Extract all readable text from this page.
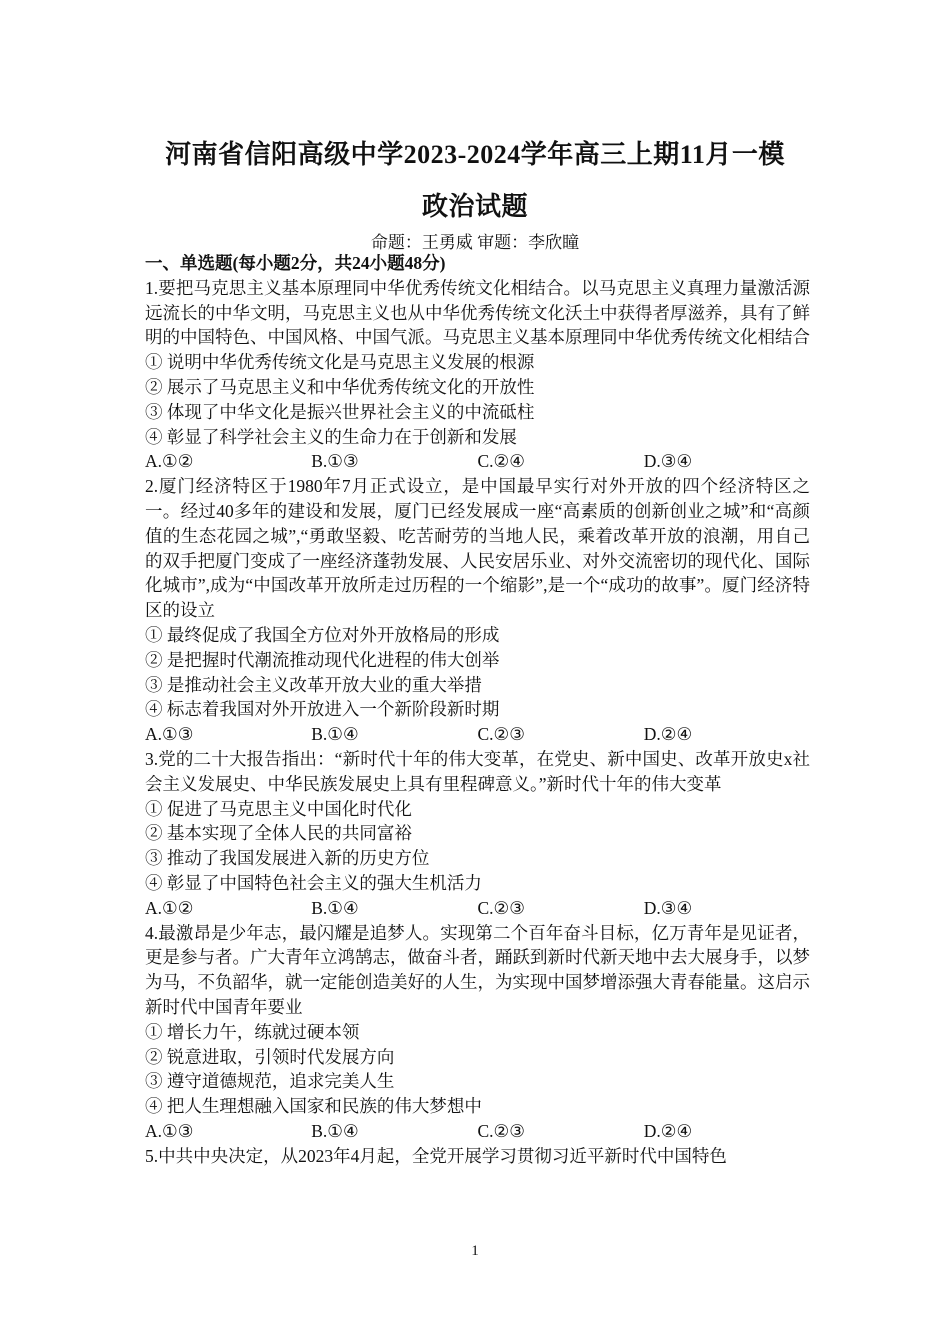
河南省信阳高级中学2023-2024学年高三上期11月一模
政治试题
命题：王勇威 审题：李欣瞳
一、单选题(每小题2分，共24小题48分)
1.要把马克思主义基本原理同中华优秀传统文化相结合。以马克思主义真理力量激活源远流长的中华文明，马克思主义也从中华优秀传统文化沃土中获得者厚滋养，具有了鲜明的中国特色、中国风格、中国气派。马克思主义基本原理同中华优秀传统文化相结合
① 说明中华优秀传统文化是马克思主义发展的根源
② 展示了马克思主义和中华优秀传统文化的开放性
③ 体现了中华文化是振兴世界社会主义的中流砥柱
④ 彰显了科学社会主义的生命力在于创新和发展
A.①②	B.①③	C.②④	D.③④
2.厦门经济特区于1980年7月正式设立，是中国最早实行对外开放的四个经济特区之一。经过40多年的建设和发展，厦门已经发展成一座“高素质的创新创业之城”和“高颜值的生态花园之城”,“勇敢坚毅、吃苦耐劳的当地人民，乘着改革开放的浪潮，用自己的双手把厦门变成了一座经济蓬勃发展、人民安居乐业、对外交流密切的现代化、国际化城市”,成为“中国改革开放所走过历程的一个缩影”,是一个“成功的故事”。厦门经济特区的设立
① 最终促成了我国全方位对外开放格局的形成
② 是把握时代潮流推动现代化进程的伟大创举
③ 是推动社会主义改革开放大业的重大举措
④ 标志着我国对外开放进入一个新阶段新时期
A.①③	B.①④	C.②③	D.②④
3.党的二十大报告指出：“新时代十年的伟大变革，在党史、新中国史、改革开放史x社会主义发展史、中华民族发展史上具有里程碑意义。”新时代十年的伟大变革
① 促进了马克思主义中国化时代化
② 基本实现了全体人民的共同富裕
③ 推动了我国发展进入新的历史方位
④ 彰显了中国特色社会主义的强大生机活力
A.①②	B.①④	C.②③	D.③④
4.最激昂是少年志，最闪耀是追梦人。实现第二个百年奋斗目标，亿万青年是见证者，更是参与者。广大青年立鸿鹄志，做奋斗者，踊跃到新时代新天地中去大展身手，以梦为马，不负韶华，就一定能创造美好的人生，为实现中国梦增添强大青春能量。这启示新时代中国青年要业
① 增长力午，练就过硬本领
② 锐意进取，引领时代发展方向
③ 遵守道德规范，追求完美人生
④ 把人生理想融入国家和民族的伟大梦想中
A.①③	B.①④	C.②③	D.②④
5.中共中央决定，从2023年4月起，全党开展学习贯彻习近平新时代中国特色
1
